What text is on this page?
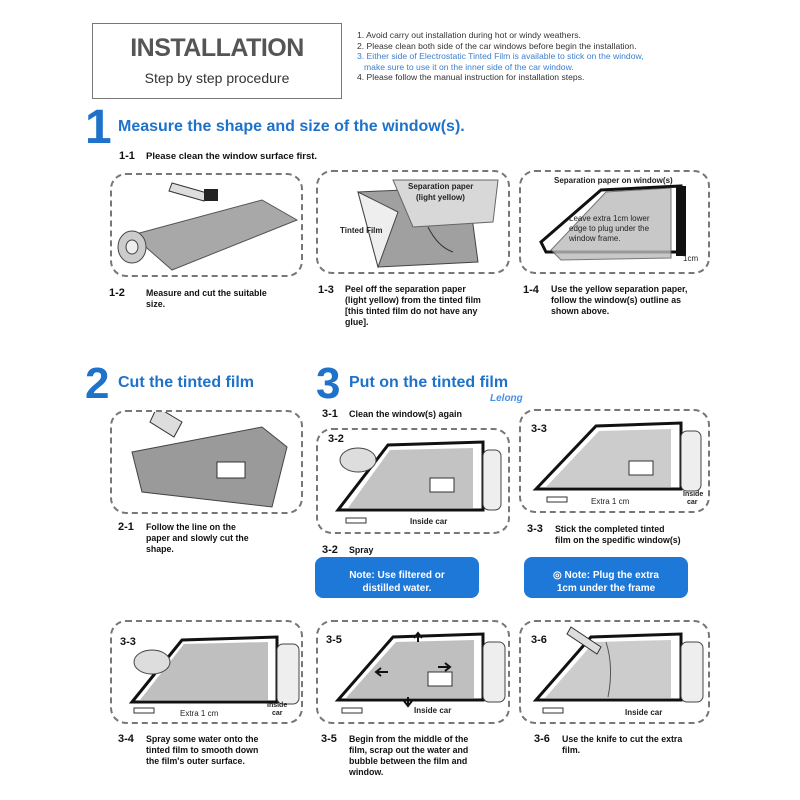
INSTALLATION
Step by step procedure
1. Avoid carry out installation during hot or windy weathers.
2. Please clean both side of the car windows before begin the installation.
3. Either side of Electrostatic Tinted Film is available to stick on the window,
make sure to use it on the inner side of the car window.
4. Please follow the manual instruction for installation steps.
1 Measure the shape and size of the window(s).
1-1 Please clean the window surface first.
Separation paper
(light yellow)
Tinted Film
Separation paper on window(s)
Leave extra 1cm lower
edge to plug under the
window frame.
1cm
1-2 Measure and cut the suitable
size.
1-3 Peel off the separation paper
(light yellow) from the tinted film
[this tinted film do not have any
glue].
1-4 Use the yellow separation paper,
follow the window(s) outline as
shown above.
2 Cut the tinted film
2-1 Follow the line on the
paper and slowly cut the
shape.
3 Put on the tinted film
Lelong
3-1 Clean the window(s) again
3-2
Inside car
3-3
Extra 1 cm
Inside
car
3-3 Stick the completed tinted
film on the spedific window(s)
3-2 Spray
Note: Use filtered or
distilled water.
◎ Note: Plug the extra
1cm under the frame
3-3
Extra 1 cm
Inside
car
3-5
Inside car
3-6
Inside car
3-4 Spray some water onto the
tinted film to smooth down
the film's outer surface.
3-5 Begin from the middle of the
film, scrap out the water and
bubble between the film and
window.
3-6 Use the knife to cut the extra
film.
